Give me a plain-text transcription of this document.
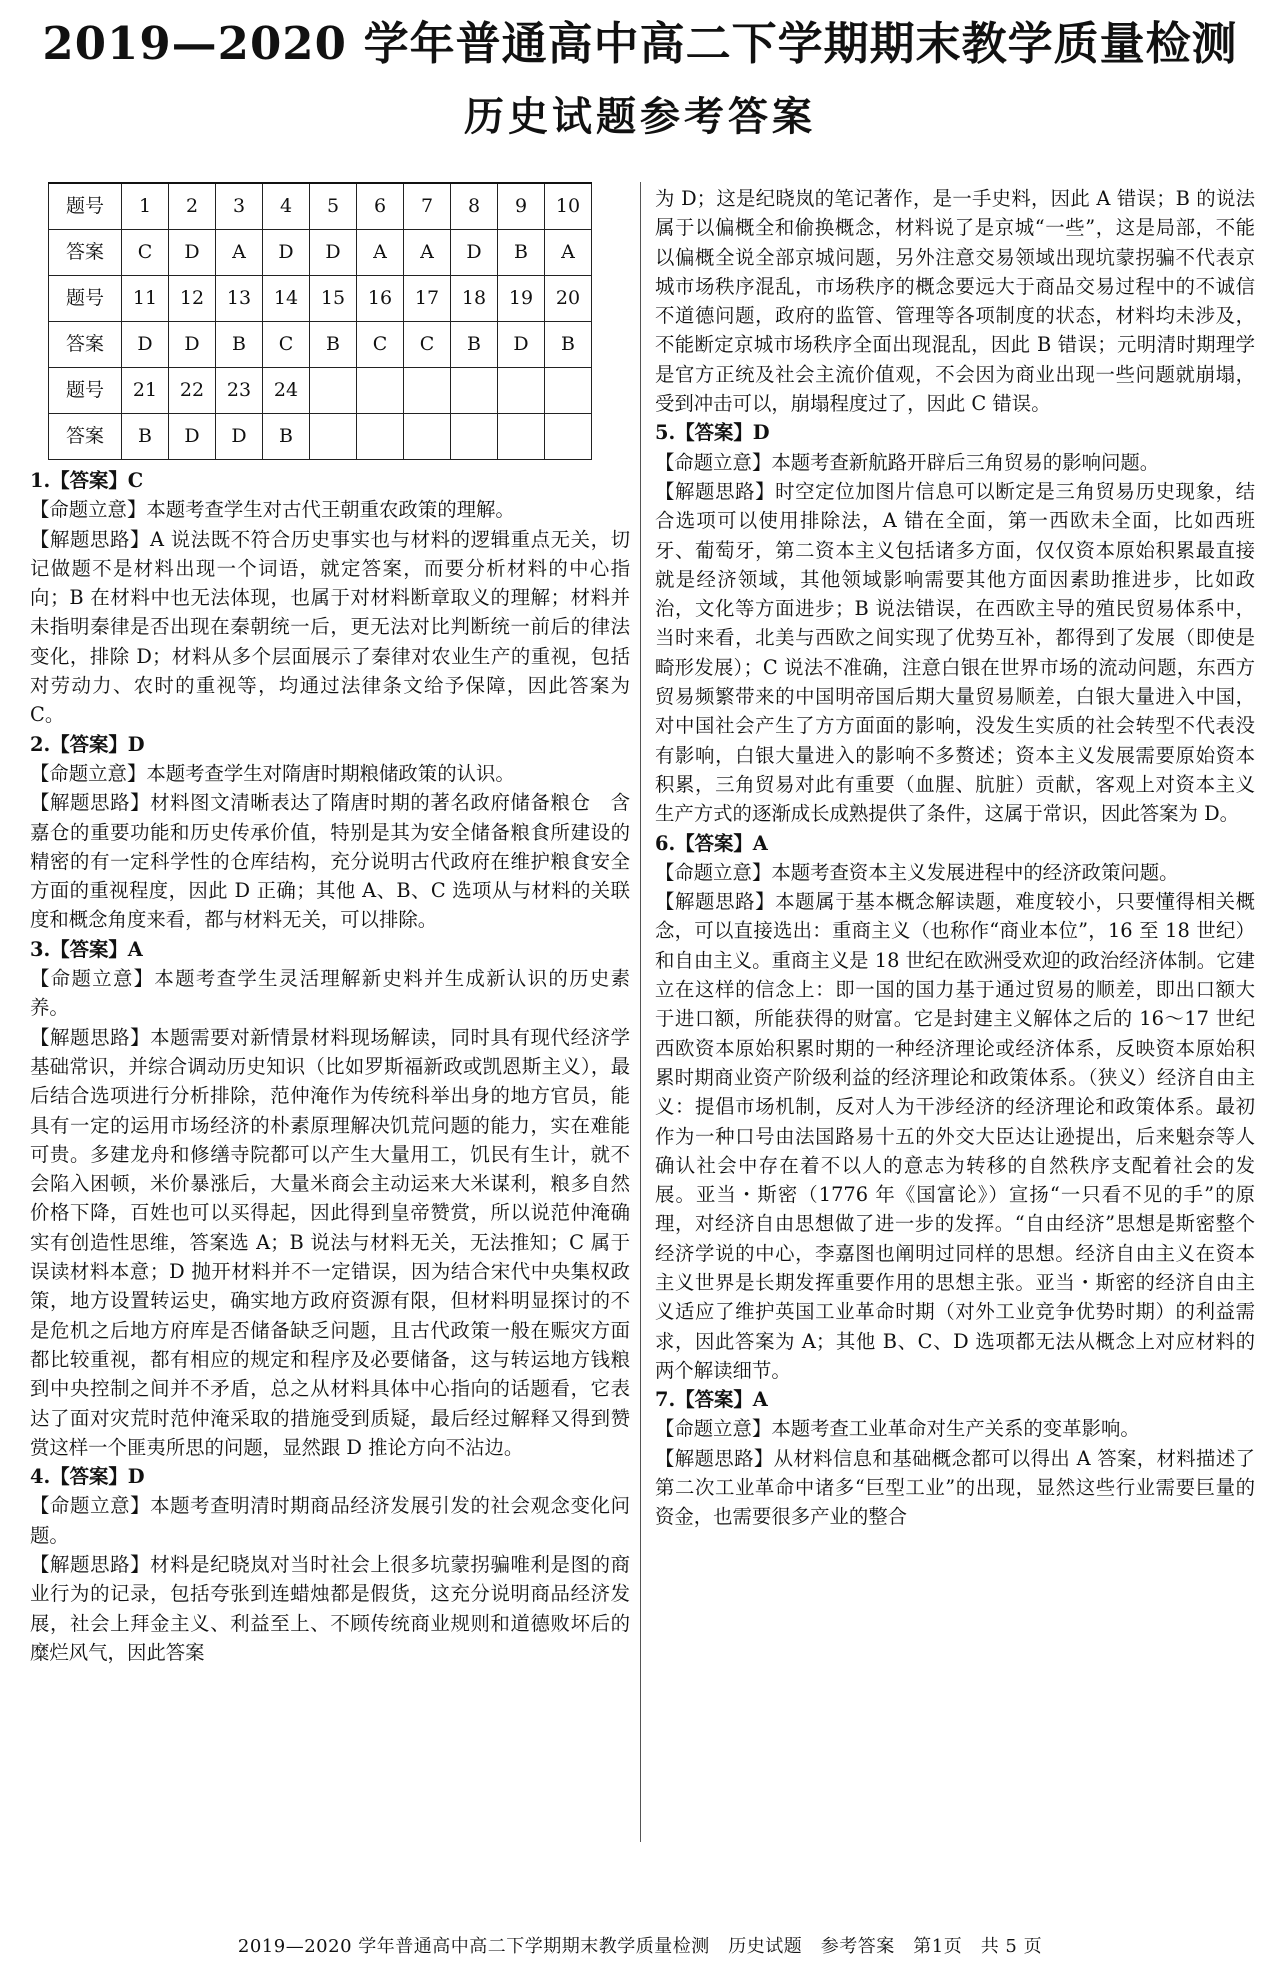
2019—2020 学年普通高中高二下学期期末教学质量检测
历史试题参考答案
题号	1	2	3	4	5	6	7	8	9	10
答案	C	D	A	D	D	A	A	D	B	A
题号	11	12	13	14	15	16	17	18	19	20
答案	D	D	B	C	B	C	C	B	D	B
题号	21	22	23	24						
答案	B	D	D	B						

1.【答案】C

【命题立意】本题考查学生对古代王朝重农政策的理解。

【解题思路】A 说法既不符合历史事实也与材料的逻辑重点无关，切记做题不是材料出现一个词语，就定答案，而要分析材料的中心指向；B 在材料中也无法体现，也属于对材料断章取义的理解；材料并未指明秦律是否出现在秦朝统一后，更无法对比判断统一前后的律法变化，排除 D；材料从多个层面展示了秦律对农业生产的重视，包括对劳动力、农时的重视等，均通过法律条文给予保障，因此答案为 C。

2.【答案】D

【命题立意】本题考查学生对隋唐时期粮储政策的认识。

【解题思路】材料图文清晰表达了隋唐时期的著名政府储备粮仓　含嘉仓的重要功能和历史传承价值，特别是其为安全储备粮食所建设的精密的有一定科学性的仓库结构，充分说明古代政府在维护粮食安全方面的重视程度，因此 D 正确；其他 A、B、C 选项从与材料的关联度和概念角度来看，都与材料无关，可以排除。

3.【答案】A

【命题立意】本题考查学生灵活理解新史料并生成新认识的历史素养。

【解题思路】本题需要对新情景材料现场解读，同时具有现代经济学基础常识，并综合调动历史知识（比如罗斯福新政或凯恩斯主义），最后结合选项进行分析排除，范仲淹作为传统科举出身的地方官员，能具有一定的运用市场经济的朴素原理解决饥荒问题的能力，实在难能可贵。多建龙舟和修缮寺院都可以产生大量用工，饥民有生计，就不会陷入困顿，米价暴涨后，大量米商会主动运来大米谋利，粮多自然价格下降，百姓也可以买得起，因此得到皇帝赞赏，所以说范仲淹确实有创造性思维，答案选 A；B 说法与材料无关，无法推知；C 属于误读材料本意；D 抛开材料并不一定错误，因为结合宋代中央集权政策，地方设置转运史，确实地方政府资源有限，但材料明显探讨的不是危机之后地方府库是否储备缺乏问题，且古代政策一般在赈灾方面都比较重视，都有相应的规定和程序及必要储备，这与转运地方钱粮到中央控制之间并不矛盾，总之从材料具体中心指向的话题看，它表达了面对灾荒时范仲淹采取的措施受到质疑，最后经过解释又得到赞赏这样一个匪夷所思的问题，显然跟 D 推论方向不沾边。

4.【答案】D

【命题立意】本题考查明清时期商品经济发展引发的社会观念变化问题。

【解题思路】材料是纪晓岚对当时社会上很多坑蒙拐骗唯利是图的商业行为的记录，包括夸张到连蜡烛都是假货，这充分说明商品经济发展，社会上拜金主义、利益至上、不顾传统商业规则和道德败坏后的糜烂风气，因此答案

为 D；这是纪晓岚的笔记著作，是一手史料，因此 A 错误；B 的说法属于以偏概全和偷换概念，材料说了是京城“一些”，这是局部，不能以偏概全说全部京城问题，另外注意交易领域出现坑蒙拐骗不代表京城市场秩序混乱，市场秩序的概念要远大于商品交易过程中的不诚信不道德问题，政府的监管、管理等各项制度的状态，材料均未涉及，不能断定京城市场秩序全面出现混乱，因此 B 错误；元明清时期理学是官方正统及社会主流价值观，不会因为商业出现一些问题就崩塌，受到冲击可以，崩塌程度过了，因此 C 错误。

5.【答案】D

【命题立意】本题考查新航路开辟后三角贸易的影响问题。

【解题思路】时空定位加图片信息可以断定是三角贸易历史现象，结合选项可以使用排除法，A 错在全面，第一西欧未全面，比如西班牙、葡萄牙，第二资本主义包括诸多方面，仅仅资本原始积累最直接就是经济领域，其他领域影响需要其他方面因素助推进步，比如政治，文化等方面进步；B 说法错误，在西欧主导的殖民贸易体系中，当时来看，北美与西欧之间实现了优势互补，都得到了发展（即使是畸形发展）；C 说法不准确，注意白银在世界市场的流动问题，东西方贸易频繁带来的中国明帝国后期大量贸易顺差，白银大量进入中国，对中国社会产生了方方面面的影响，没发生实质的社会转型不代表没有影响，白银大量进入的影响不多赘述；资本主义发展需要原始资本积累，三角贸易对此有重要（血腥、肮脏）贡献，客观上对资本主义生产方式的逐渐成长成熟提供了条件，这属于常识，因此答案为 D。

6.【答案】A

【命题立意】本题考查资本主义发展进程中的经济政策问题。

【解题思路】本题属于基本概念解读题，难度较小，只要懂得相关概念，可以直接选出：重商主义（也称作“商业本位”，16 至 18 世纪）和自由主义。重商主义是 18 世纪在欧洲受欢迎的政治经济体制。它建立在这样的信念上：即一国的国力基于通过贸易的顺差，即出口额大于进口额，所能获得的财富。它是封建主义解体之后的 16～17 世纪西欧资本原始积累时期的一种经济理论或经济体系，反映资本原始积累时期商业资产阶级利益的经济理论和政策体系。（狭义）经济自由主义：提倡市场机制，反对人为干涉经济的经济理论和政策体系。最初作为一种口号由法国路易十五的外交大臣达让逊提出，后来魁奈等人确认社会中存在着不以人的意志为转移的自然秩序支配着社会的发展。亚当・斯密（1776 年《国富论》）宣扬“一只看不见的手”的原理，对经济自由思想做了进一步的发挥。“自由经济”思想是斯密整个经济学说的中心，李嘉图也阐明过同样的思想。经济自由主义在资本主义世界是长期发挥重要作用的思想主张。亚当・斯密的经济自由主义适应了维护英国工业革命时期（对外工业竞争优势时期）的利益需求，因此答案为 A；其他 B、C、D 选项都无法从概念上对应材料的两个解读细节。

7.【答案】A

【命题立意】本题考查工业革命对生产关系的变革影响。

【解题思路】从材料信息和基础概念都可以得出 A 答案，材料描述了第二次工业革命中诸多“巨型工业”的出现，显然这些行业需要巨量的资金，也需要很多产业的整合

2019—2020 学年普通高中高二下学期期末教学质量检测　历史试题　参考答案　第1页　共 5 页
